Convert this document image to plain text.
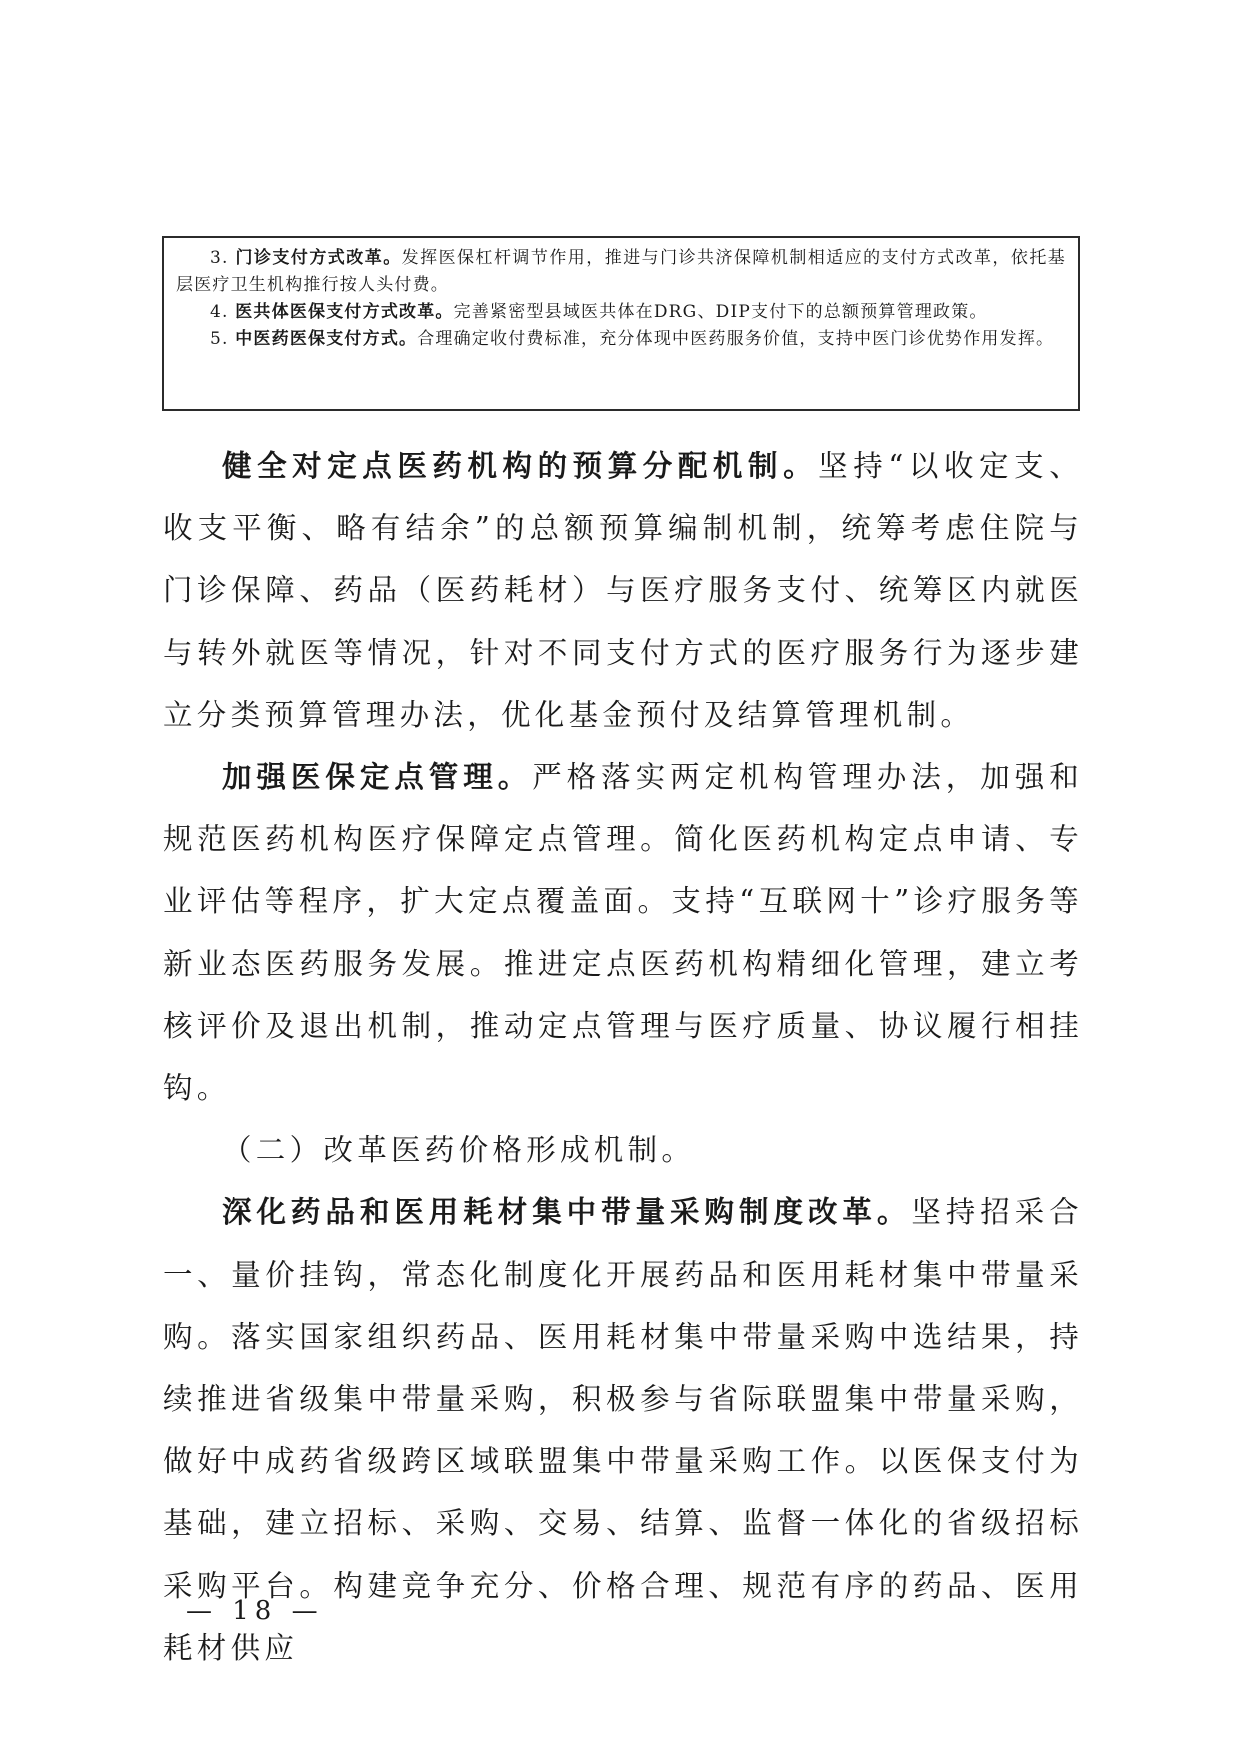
3. 门诊支付方式改革。发挥医保杠杆调节作用，推进与门诊共济保障机制相适应的支付方式改革，依托基层医疗卫生机构推行按人头付费。

4. 医共体医保支付方式改革。完善紧密型县域医共体在DRG、DIP支付下的总额预算管理政策。

5. 中医药医保支付方式。合理确定收付费标准，充分体现中医药服务价值，支持中医门诊优势作用发挥。

健全对定点医药机构的预算分配机制。坚持“以收定支、收支平衡、略有结余”的总额预算编制机制，统筹考虑住院与门诊保障、药品（医药耗材）与医疗服务支付、统筹区内就医与转外就医等情况，针对不同支付方式的医疗服务行为逐步建立分类预算管理办法，优化基金预付及结算管理机制。

加强医保定点管理。严格落实两定机构管理办法，加强和规范医药机构医疗保障定点管理。简化医药机构定点申请、专业评估等程序，扩大定点覆盖面。支持“互联网十”诊疗服务等新业态医药服务发展。推进定点医药机构精细化管理，建立考核评价及退出机制，推动定点管理与医疗质量、协议履行相挂钩。

（二）改革医药价格形成机制。

深化药品和医用耗材集中带量采购制度改革。坚持招采合一、量价挂钩，常态化制度化开展药品和医用耗材集中带量采购。落实国家组织药品、医用耗材集中带量采购中选结果，持续推进省级集中带量采购，积极参与省际联盟集中带量采购，做好中成药省级跨区域联盟集中带量采购工作。以医保支付为基础，建立招标、采购、交易、结算、监督一体化的省级招标采购平台。构建竞争充分、价格合理、规范有序的药品、医用耗材供应

— 18 —
